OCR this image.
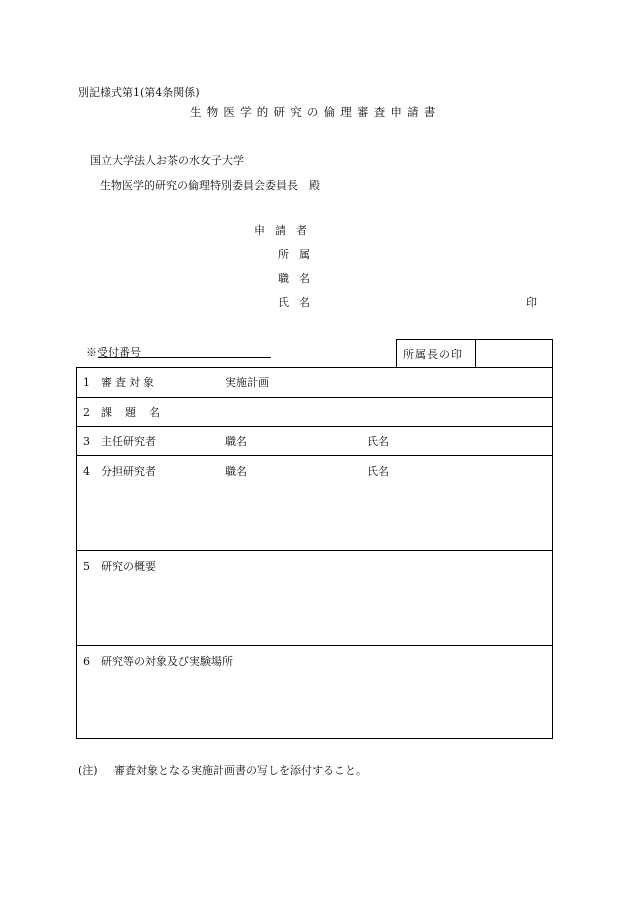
別記様式第1(第4条関係)
生物医学的研究の倫理審査申請書
国立大学法人お茶の水女子大学
生物医学的研究の倫理特別委員会委員長　殿
申請者
所属
職名
氏名	印
※受付番号	所属長の印
1 審査対象	実施計画
2 課題名
3 主任研究者	職名	氏名
4 分担研究者	職名	氏名
5 研究の概要
6 研究等の対象及び実験場所
(注) 審査対象となる実施計画書の写しを添付すること。
